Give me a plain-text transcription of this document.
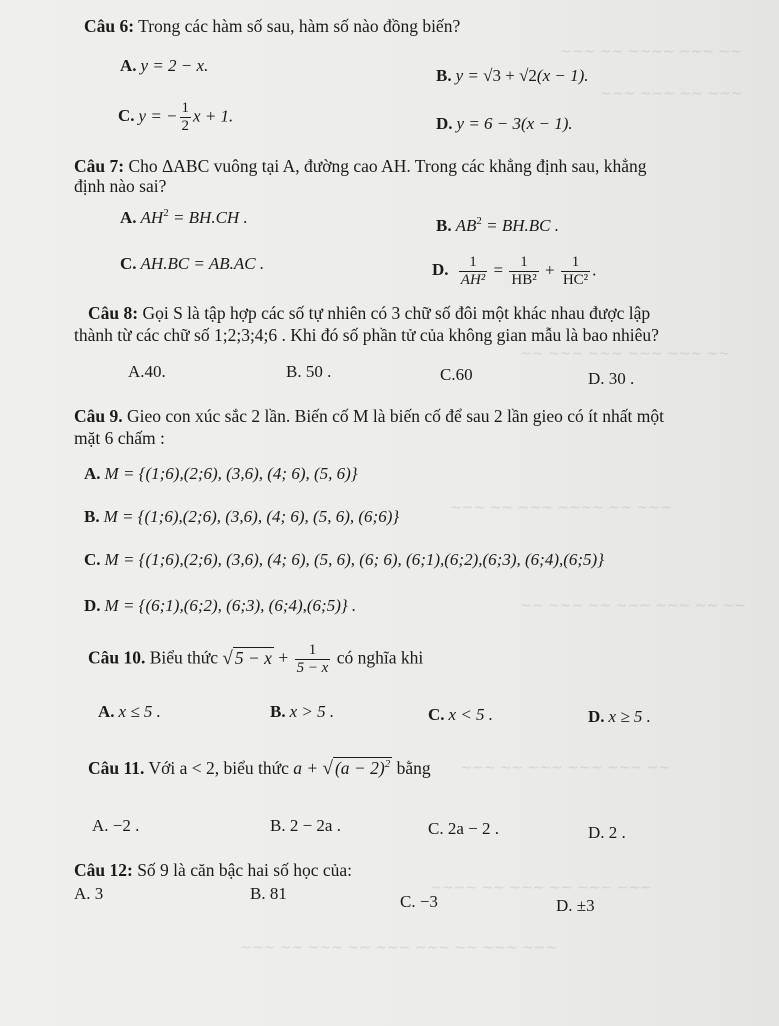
~~~ ~~ ~~~~ ~~~ ~~
~~~ ~~~ ~~ ~~~
~~ ~~~ ~~~ ~~~ ~~~ ~~
~~~ ~~ ~~~ ~~~~ ~~ ~~~
~~ ~~~ ~~ ~~~ ~~~ ~~ ~~
~~~ ~~ ~~~ ~~~ ~~~ ~~
~~~~ ~~ ~~~ ~~ ~~~ ~~~
~~~ ~~ ~~~ ~~ ~~~ ~~~ ~~ ~~~ ~~~
Câu 6: Trong các hàm số sau, hàm số nào đồng biến?
A. y = 2 − x.
B. y = √3 + √2(x − 1).
C. y = − $\frac{1}{2}$ x + 1.	D. y = 6 − 3(x − 1).
Câu 7: Cho ΔABC vuông tại A, đường cao AH. Trong các khẳng định sau, khẳng
định nào sai?
A. $AH^2 = BH.CH$ .	B. $AB^2 = BH.BC$ .
C. AH.BC = AB.AC .	D. $\frac{1}{\text{AH²}} = \frac{1}{\text{HB²}} + \frac{1}{\text{HC²}}$ .
Câu 8: Gọi S là tập hợp các số tự nhiên có 3 chữ số đôi một khác nhau được lập
thành từ các chữ số 1;2;3;4;6 . Khi đó số phần tử của không gian mẫu là bao nhiêu?
A.40.	B. 50 .	C.60	D. 30 .
Câu 9. Gieo con xúc sắc 2 lần. Biến cố M là biến cố để sau 2 lần gieo có ít nhất một
mặt 6 chấm :
A. M = {(1;6),(2;6), (3,6), (4; 6), (5, 6)}
B. M = {(1;6),(2;6), (3,6), (4; 6), (5, 6), (6;6)}
C. M = {(1;6),(2;6), (3,6), (4; 6), (5, 6), (6; 6), (6;1),(6;2),(6;3), (6;4),(6;5)}
D. M = {(6;1),(6;2), (6;3), (6;4),(6;5)} .
Câu 10. Biểu thức √ $5 - x + \frac{1}{5 - x}$ có nghĩa khi
A. x ≤ 5 .	B. x > 5 .	C. x < 5 .	D. x ≥ 5 .
Câu 11. Với a < 2, biểu thức a + √ $(a - 2)^2$ bằng
A. −2 .	B. 2 − 2a .	C. 2a − 2 .	D. 2 .
Câu 12: Số 9 là căn bậc hai số học của:
A. 3	B. 81	C. −3	D. ±3
